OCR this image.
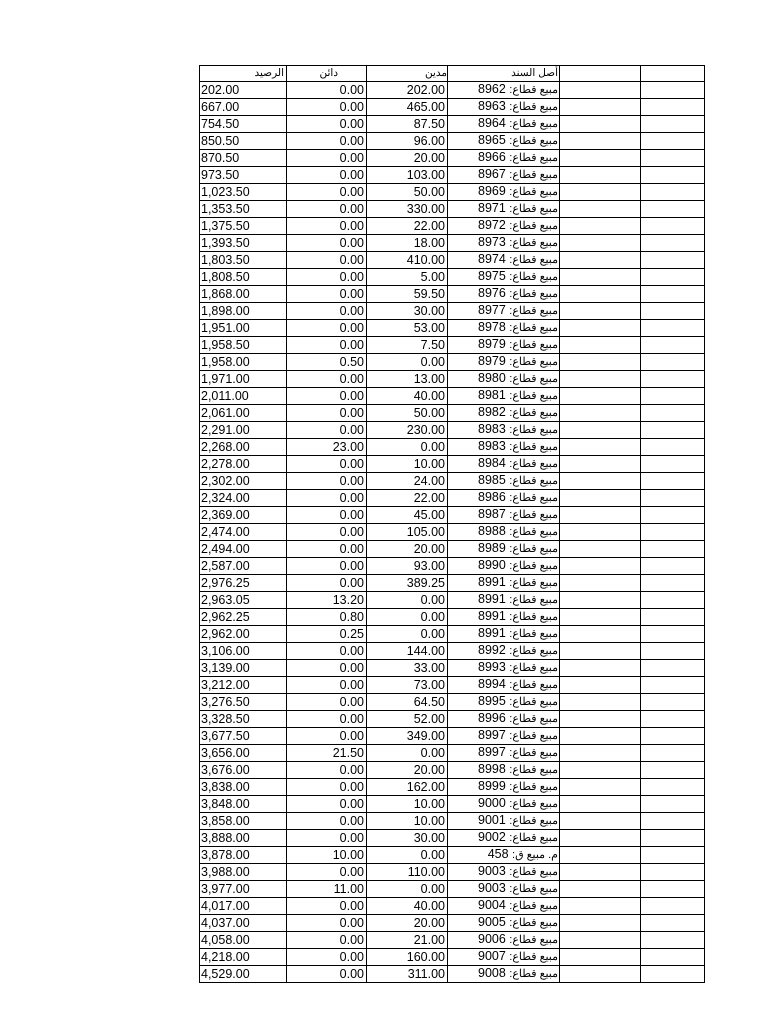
الرصيد	دائن	مدين	أصل السند		
202.00	0.00	202.00	مبيع قطاع: 8962		
667.00	0.00	465.00	مبيع قطاع: 8963		
754.50	0.00	87.50	مبيع قطاع: 8964		
850.50	0.00	96.00	مبيع قطاع: 8965		
870.50	0.00	20.00	مبيع قطاع: 8966		
973.50	0.00	103.00	مبيع قطاع: 8967		
1,023.50	0.00	50.00	مبيع قطاع: 8969		
1,353.50	0.00	330.00	مبيع قطاع: 8971		
1,375.50	0.00	22.00	مبيع قطاع: 8972		
1,393.50	0.00	18.00	مبيع قطاع: 8973		
1,803.50	0.00	410.00	مبيع قطاع: 8974		
1,808.50	0.00	5.00	مبيع قطاع: 8975		
1,868.00	0.00	59.50	مبيع قطاع: 8976		
1,898.00	0.00	30.00	مبيع قطاع: 8977		
1,951.00	0.00	53.00	مبيع قطاع: 8978		
1,958.50	0.00	7.50	مبيع قطاع: 8979		
1,958.00	0.50	0.00	مبيع قطاع: 8979		
1,971.00	0.00	13.00	مبيع قطاع: 8980		
2,011.00	0.00	40.00	مبيع قطاع: 8981		
2,061.00	0.00	50.00	مبيع قطاع: 8982		
2,291.00	0.00	230.00	مبيع قطاع: 8983		
2,268.00	23.00	0.00	مبيع قطاع: 8983		
2,278.00	0.00	10.00	مبيع قطاع: 8984		
2,302.00	0.00	24.00	مبيع قطاع: 8985		
2,324.00	0.00	22.00	مبيع قطاع: 8986		
2,369.00	0.00	45.00	مبيع قطاع: 8987		
2,474.00	0.00	105.00	مبيع قطاع: 8988		
2,494.00	0.00	20.00	مبيع قطاع: 8989		
2,587.00	0.00	93.00	مبيع قطاع: 8990		
2,976.25	0.00	389.25	مبيع قطاع: 8991		
2,963.05	13.20	0.00	مبيع قطاع: 8991		
2,962.25	0.80	0.00	مبيع قطاع: 8991		
2,962.00	0.25	0.00	مبيع قطاع: 8991		
3,106.00	0.00	144.00	مبيع قطاع: 8992		
3,139.00	0.00	33.00	مبيع قطاع: 8993		
3,212.00	0.00	73.00	مبيع قطاع: 8994		
3,276.50	0.00	64.50	مبيع قطاع: 8995		
3,328.50	0.00	52.00	مبيع قطاع: 8996		
3,677.50	0.00	349.00	مبيع قطاع: 8997		
3,656.00	21.50	0.00	مبيع قطاع: 8997		
3,676.00	0.00	20.00	مبيع قطاع: 8998		
3,838.00	0.00	162.00	مبيع قطاع: 8999		
3,848.00	0.00	10.00	مبيع قطاع: 9000		
3,858.00	0.00	10.00	مبيع قطاع: 9001		
3,888.00	0.00	30.00	مبيع قطاع: 9002		
3,878.00	10.00	0.00	م. مبيع ق: 458		
3,988.00	0.00	110.00	مبيع قطاع: 9003		
3,977.00	11.00	0.00	مبيع قطاع: 9003		
4,017.00	0.00	40.00	مبيع قطاع: 9004		
4,037.00	0.00	20.00	مبيع قطاع: 9005		
4,058.00	0.00	21.00	مبيع قطاع: 9006		
4,218.00	0.00	160.00	مبيع قطاع: 9007		
4,529.00	0.00	311.00	مبيع قطاع: 9008		
